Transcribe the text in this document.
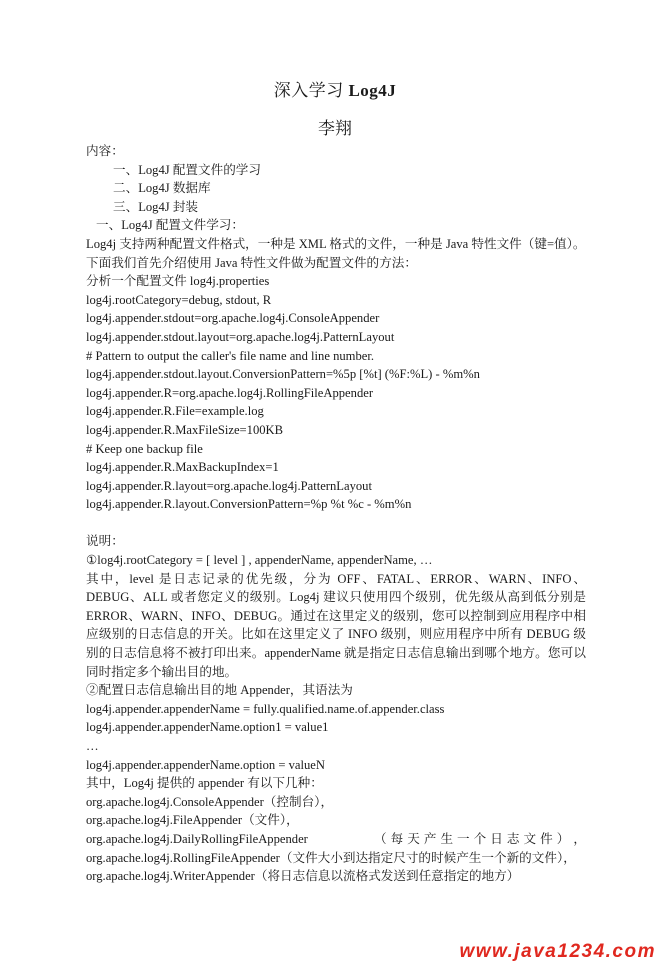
深入学习 Log4J
李翔
内容：
一、Log4J 配置文件的学习
二、Log4J 数据库
三、Log4J 封装
一、Log4J 配置文件学习：
Log4j 支持两种配置文件格式，一种是 XML 格式的文件，一种是 Java 特性文件（键=值）。
下面我们首先介绍使用 Java 特性文件做为配置文件的方法：
分析一个配置文件 log4j.properties
log4j.rootCategory=debug, stdout, R
log4j.appender.stdout=org.apache.log4j.ConsoleAppender
log4j.appender.stdout.layout=org.apache.log4j.PatternLayout
# Pattern to output the caller's file name and line number.
log4j.appender.stdout.layout.ConversionPattern=%5p [%t] (%F:%L) - %m%n
log4j.appender.R=org.apache.log4j.RollingFileAppender
log4j.appender.R.File=example.log
log4j.appender.R.MaxFileSize=100KB
# Keep one backup file
log4j.appender.R.MaxBackupIndex=1
log4j.appender.R.layout=org.apache.log4j.PatternLayout
log4j.appender.R.layout.ConversionPattern=%p %t %c - %m%n
说明：
①log4j.rootCategory = [ level ] , appenderName, appenderName, …
其中，level 是日志记录的优先级，分为 OFF、FATAL、ERROR、WARN、INFO、DEBUG、ALL 或者您定义的级别。Log4j 建议只使用四个级别，优先级从高到低分别是 ERROR、WARN、INFO、DEBUG。通过在这里定义的级别，您可以控制到应用程序中相应级别的日志信息的开关。比如在这里定义了 INFO 级别，则应用程序中所有 DEBUG 级别的日志信息将不被打印出来。appenderName 就是指定日志信息输出到哪个地方。您可以同时指定多个输出目的地。
②配置日志信息输出目的地 Appender，其语法为
log4j.appender.appenderName = fully.qualified.name.of.appender.class
log4j.appender.appenderName.option1 = value1
…
log4j.appender.appenderName.option = valueN
其中，Log4j 提供的 appender 有以下几种：
org.apache.log4j.ConsoleAppender（控制台），
org.apache.log4j.FileAppender（文件），
org.apache.log4j.DailyRollingFileAppender	（ 每 天 产 生 一 个 日 志 文 件 ） ，
org.apache.log4j.RollingFileAppender（文件大小到达指定尺寸的时候产生一个新的文件），
org.apache.log4j.WriterAppender（将日志信息以流格式发送到任意指定的地方）
www.java1234.com
